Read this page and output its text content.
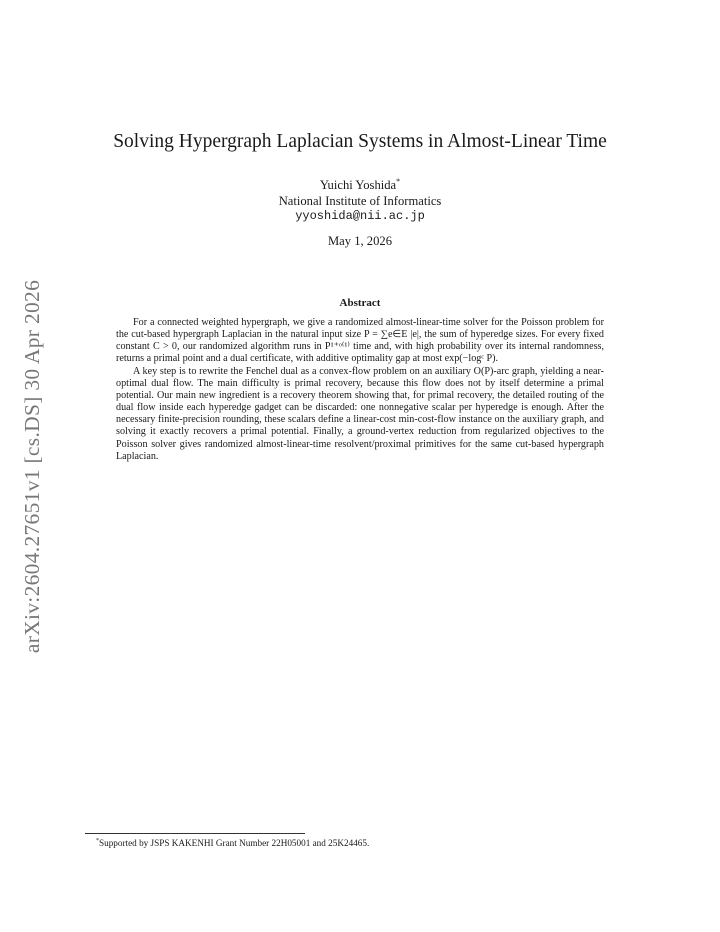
arXiv:2604.27651v1 [cs.DS] 30 Apr 2026
Solving Hypergraph Laplacian Systems in Almost-Linear Time
Yuichi Yoshida*
National Institute of Informatics
yyoshida@nii.ac.jp
May 1, 2026
Abstract

For a connected weighted hypergraph, we give a randomized almost-linear-time solver for the Poisson problem for the cut-based hypergraph Laplacian in the natural input size P = ∑e∈E |e|, the sum of hyperedge sizes. For every fixed constant C > 0, our randomized algorithm runs in P¹⁺ᵒ⁽¹⁾ time and, with high probability over its internal randomness, returns a primal point and a dual certificate, with additive optimality gap at most exp(−logᶜ P).

A key step is to rewrite the Fenchel dual as a convex-flow problem on an auxiliary O(P)-arc graph, yielding a near-optimal dual flow. The main difficulty is primal recovery, because this flow does not by itself determine a primal potential. Our main new ingredient is a recovery theorem showing that, for primal recovery, the detailed routing of the dual flow inside each hyperedge gadget can be discarded: one nonnegative scalar per hyperedge is enough. After the necessary finite-precision rounding, these scalars define a linear-cost min-cost-flow instance on the auxiliary graph, and solving it exactly recovers a primal potential. Finally, a ground-vertex reduction from regularized objectives to the Poisson solver gives randomized almost-linear-time resolvent/proximal primitives for the same cut-based hypergraph Laplacian.

*Supported by JSPS KAKENHI Grant Number 22H05001 and 25K24465.
